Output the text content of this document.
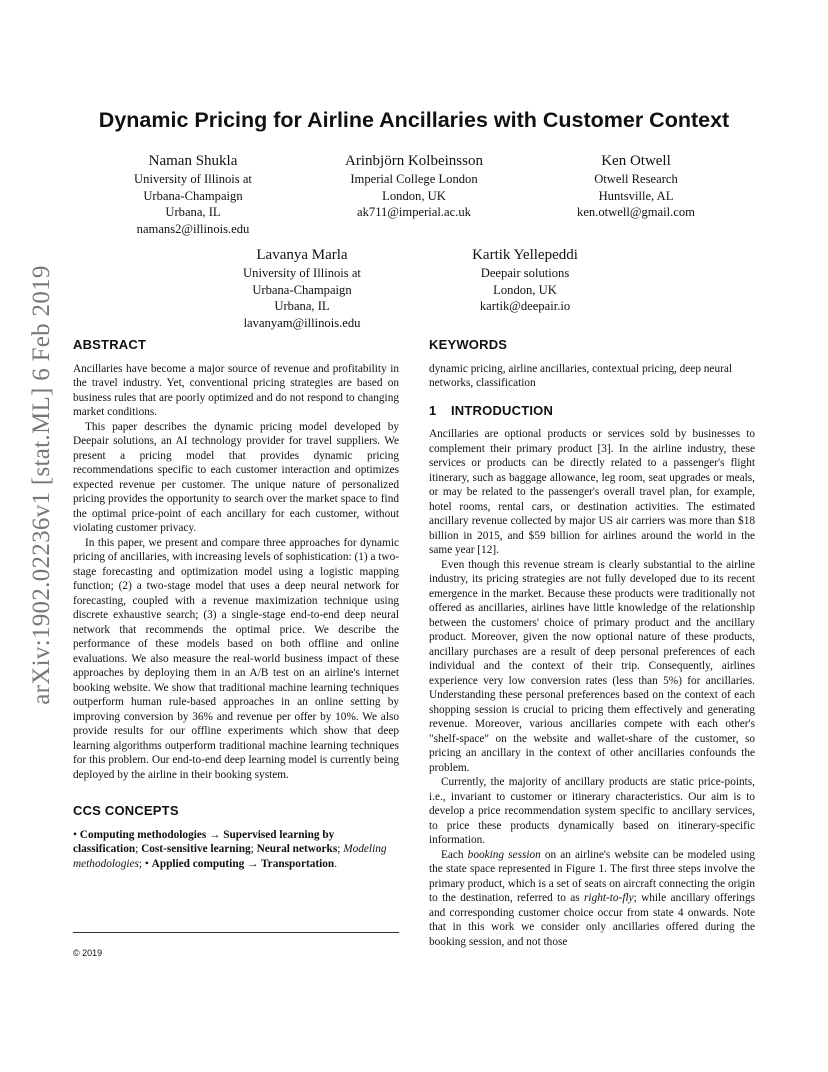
arXiv:1902.02236v1 [stat.ML] 6 Feb 2019
Dynamic Pricing for Airline Ancillaries with Customer Context
Naman Shukla
University of Illinois at
Urbana-Champaign
Urbana, IL
namans2@illinois.edu
Arinbjörn Kolbeinsson
Imperial College London
London, UK
ak711@imperial.ac.uk
Ken Otwell
Otwell Research
Huntsville, AL
ken.otwell@gmail.com
Lavanya Marla
University of Illinois at
Urbana-Champaign
Urbana, IL
lavanyam@illinois.edu
Kartik Yellepeddi
Deepair solutions
London, UK
kartik@deepair.io
ABSTRACT

Ancillaries have become a major source of revenue and profitability in the travel industry. Yet, conventional pricing strategies are based on business rules that are poorly optimized and do not respond to changing market conditions.

This paper describes the dynamic pricing model developed by Deepair solutions, an AI technology provider for travel suppliers. We present a pricing model that provides dynamic pricing recommendations specific to each customer interaction and optimizes expected revenue per customer. The unique nature of personalized pricing provides the opportunity to search over the market space to find the optimal price-point of each ancillary for each customer, without violating customer privacy.

In this paper, we present and compare three approaches for dynamic pricing of ancillaries, with increasing levels of sophistication: (1) a two-stage forecasting and optimization model using a logistic mapping function; (2) a two-stage model that uses a deep neural network for forecasting, coupled with a revenue maximization technique using discrete exhaustive search; (3) a single-stage end-to-end deep neural network that recommends the optimal price. We describe the performance of these models based on both offline and online evaluations. We also measure the real-world business impact of these approaches by deploying them in an A/B test on an airline's internet booking website. We show that traditional machine learning techniques outperform human rule-based approaches in an online setting by improving conversion by 36% and revenue per offer by 10%. We also provide results for our offline experiments which show that deep learning algorithms outperform traditional machine learning techniques for this problem. Our end-to-end deep learning model is currently being deployed by the airline in their booking system.

CCS CONCEPTS

• Computing methodologies → Supervised learning by classification; Cost-sensitive learning; Neural networks; Modeling methodologies; • Applied computing → Transportation.

© 2019
KEYWORDS

dynamic pricing, airline ancillaries, contextual pricing, deep neural networks, classification

1 INTRODUCTION

Ancillaries are optional products or services sold by businesses to complement their primary product [3]. In the airline industry, these services or products can be directly related to a passenger's flight itinerary, such as baggage allowance, leg room, seat upgrades or meals, or may be related to the passenger's overall travel plan, for example, hotel rooms, rental cars, or destination activities. The estimated ancillary revenue collected by major US air carriers was more than $18 billion in 2015, and $59 billion for airlines around the world in the same year [12].

Even though this revenue stream is clearly substantial to the airline industry, its pricing strategies are not fully developed due to its recent emergence in the market. Because these products were traditionally not offered as ancillaries, airlines have little knowledge of the relationship between the customers' choice of primary product and the ancillary product. Moreover, given the now optional nature of these products, ancillary purchases are a result of deep personal preferences of each individual and the context of their trip. Consequently, airlines experience very low conversion rates (less than 5%) for ancillaries. Understanding these personal preferences based on the context of each shopping session is crucial to pricing them effectively and generating revenue. Moreover, various ancillaries compete with each other's "shelf-space" on the website and wallet-share of the customer, so pricing an ancillary in the context of other ancillaries confounds the problem.

Currently, the majority of ancillary products are static price-points, i.e., invariant to customer or itinerary characteristics. Our aim is to develop a price recommendation system specific to ancillary services, to price these products dynamically based on itinerary-specific information.

Each booking session on an airline's website can be modeled using the state space represented in Figure 1. The first three steps involve the primary product, which is a set of seats on aircraft connecting the origin to the destination, referred to as right-to-fly; while ancillary offerings and corresponding customer choice occur from state 4 onwards. Note that in this work we consider only ancillaries offered during the booking session, and not those
